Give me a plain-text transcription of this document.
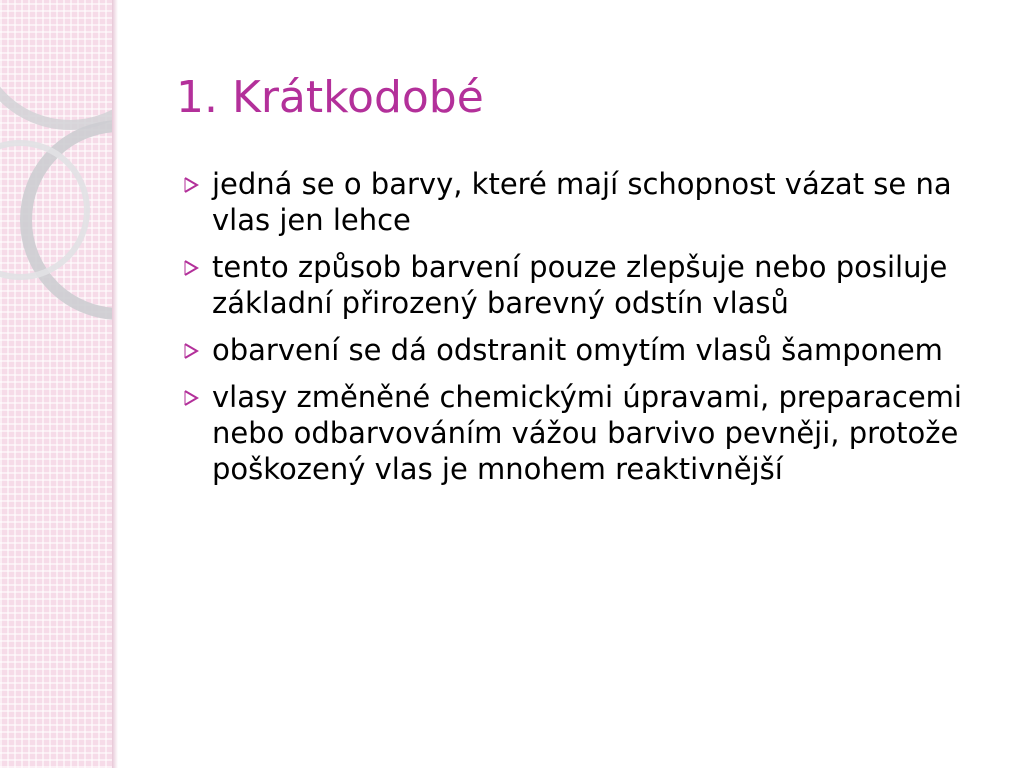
1. Krátkodobé
jedná se o barvy, které mají schopnost vázat se na vlas jen lehce
tento způsob barvení pouze zlepšuje nebo posiluje základní přirozený barevný odstín vlasů
obarvení se dá odstranit omytím vlasů šamponem
vlasy změněné chemickými úpravami, preparacemi nebo odbarvováním vážou barvivo pevněji, protože poškozený vlas je mnohem reaktivnější
